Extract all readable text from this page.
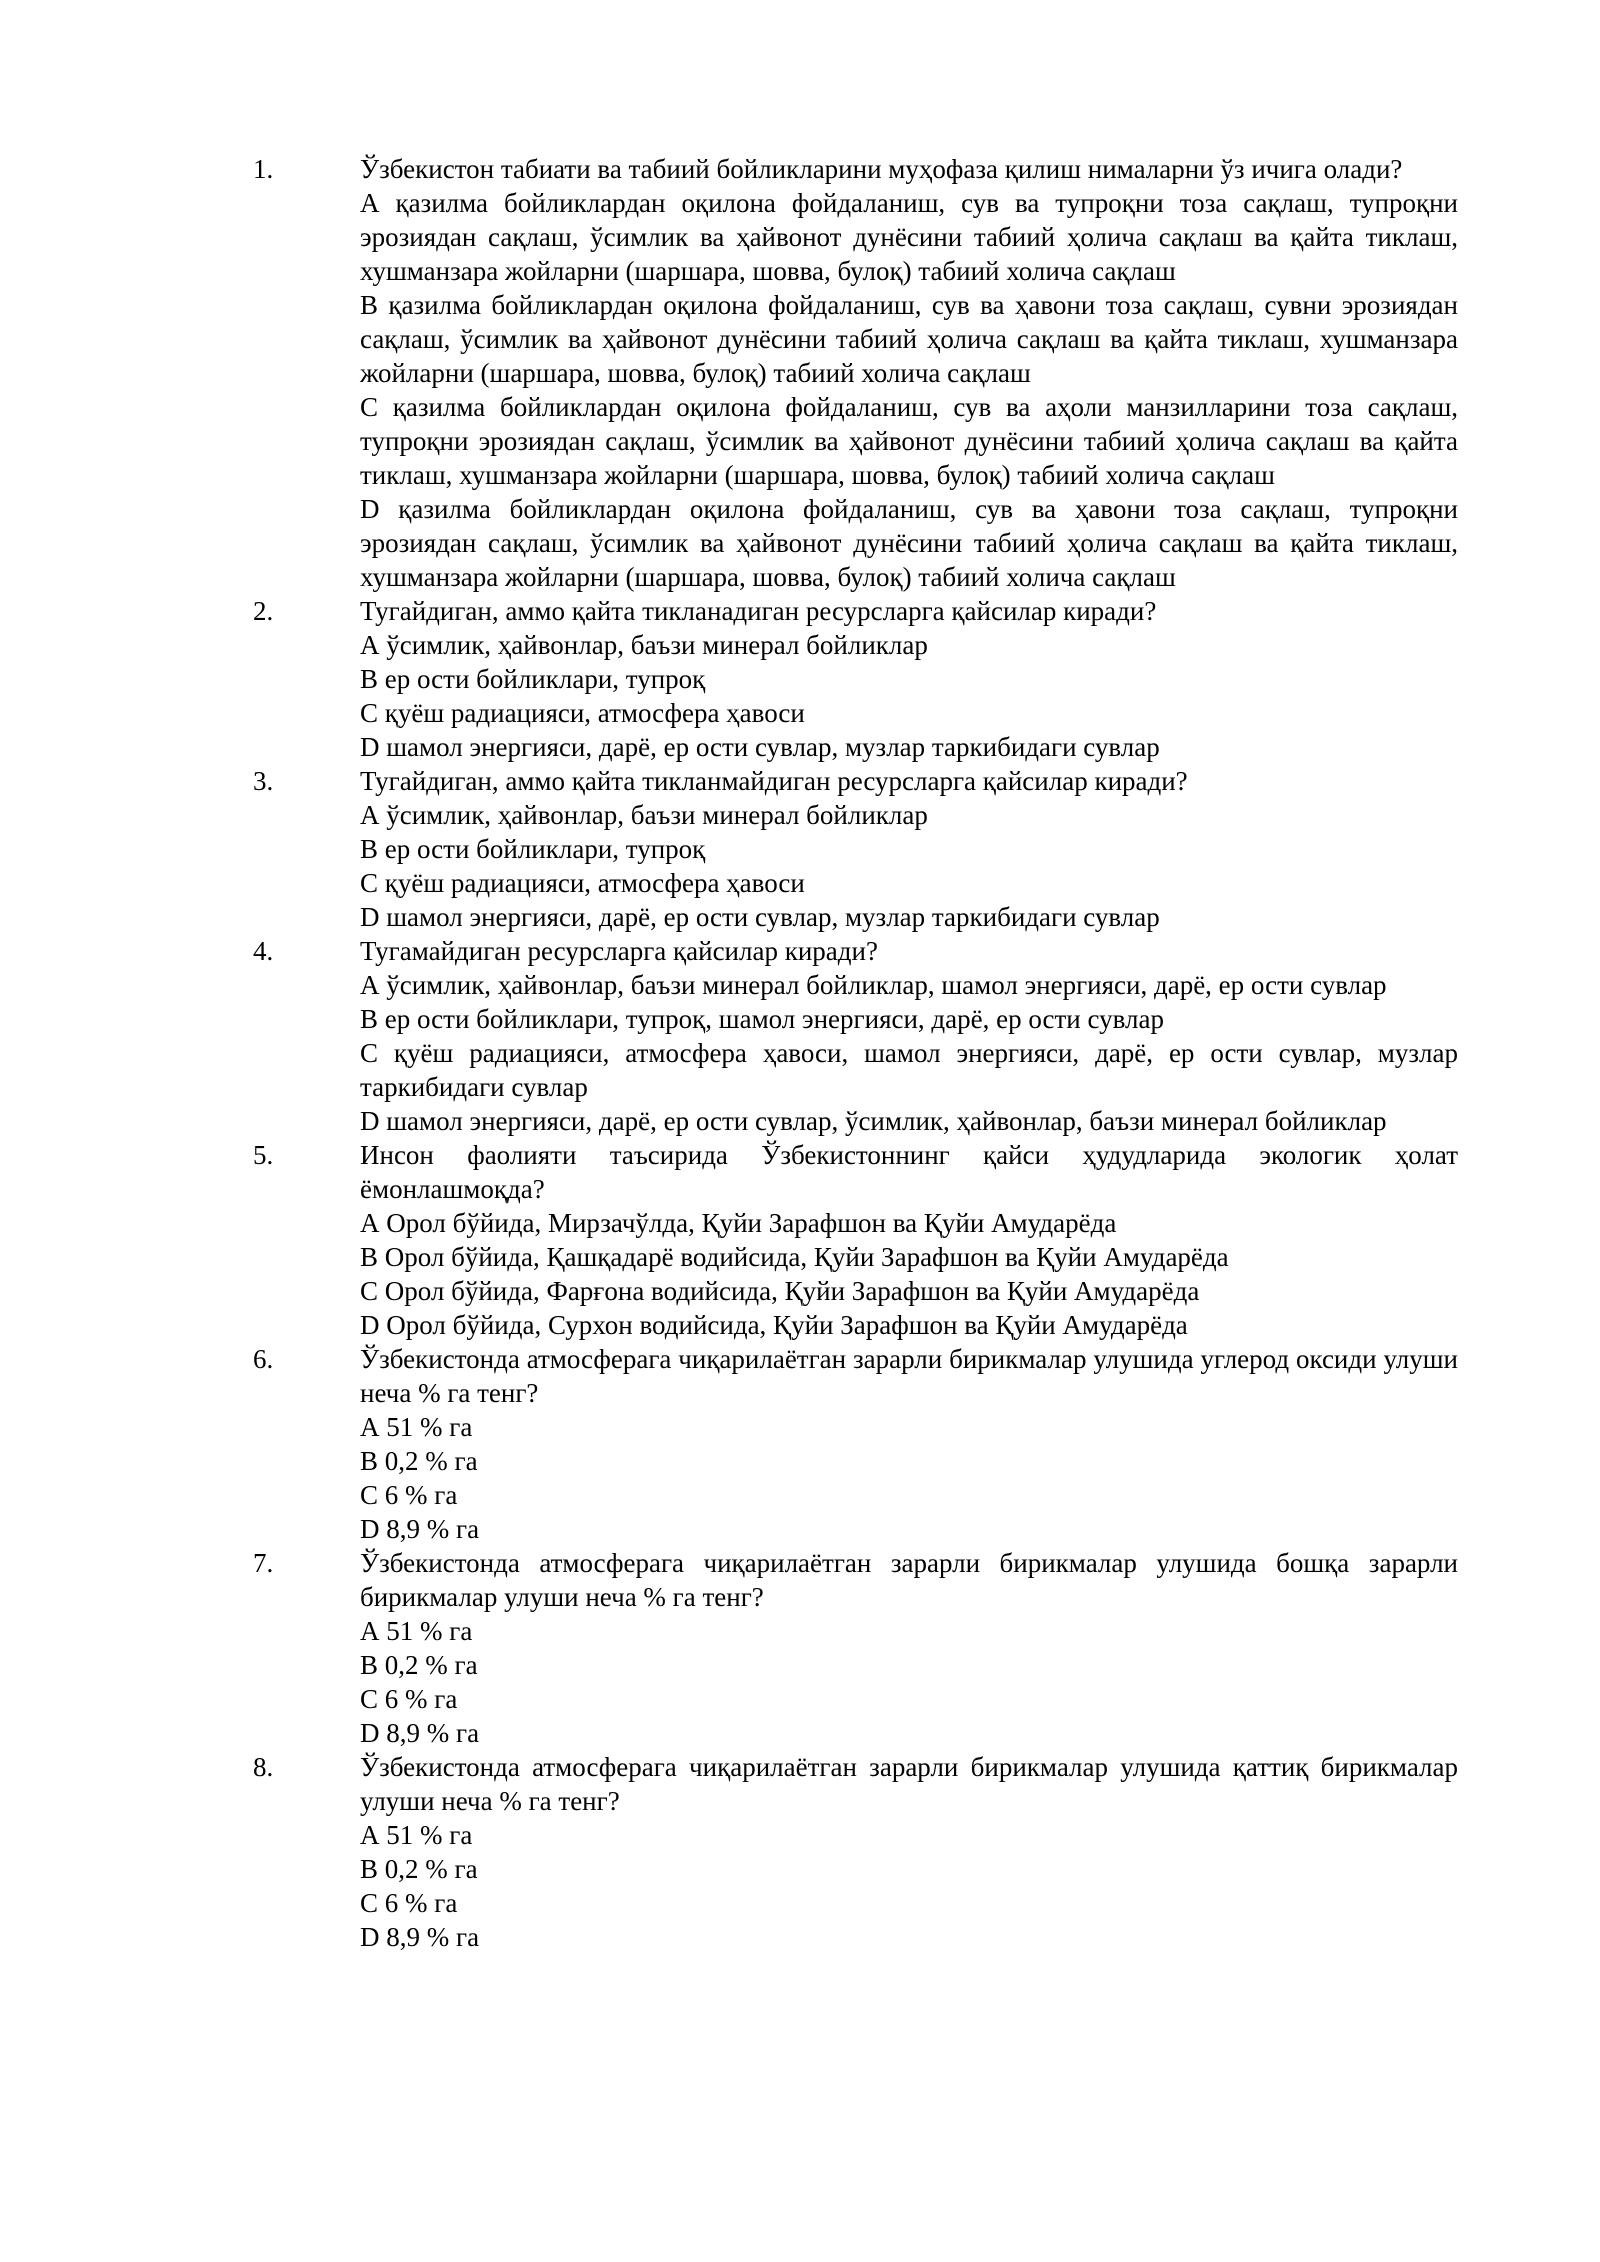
1.	Ўзбекистон табиати ва табиий бойликларини муҳофаза қилиш нималарни ўз ичига олади?

А қазилма бойликлардан оқилона фойдаланиш, сув ва тупроқни тоза сақлаш, тупроқни эрозиядан сақлаш, ўсимлик ва ҳайвонот дунёсини табиий ҳолича сақлаш ва қайта тиклаш, хушманзара жойларни (шаршара, шовва, булоқ) табиий холича сақлаш

В қазилма бойликлардан оқилона фойдаланиш, сув ва ҳавони тоза сақлаш, сувни эрозиядан сақлаш, ўсимлик ва ҳайвонот дунёсини табиий ҳолича сақлаш ва қайта тиклаш, хушманзара жойларни (шаршара, шовва, булоқ) табиий холича сақлаш

С қазилма бойликлардан оқилона фойдаланиш, сув ва аҳоли манзилларини тоза сақлаш, тупроқни эрозиядан сақлаш, ўсимлик ва ҳайвонот дунёсини табиий ҳолича сақлаш ва қайта тиклаш, хушманзара жойларни (шаршара, шовва, булоқ) табиий холича сақлаш

D қазилма бойликлардан оқилона фойдаланиш, сув ва ҳавони тоза сақлаш, тупроқни эрозиядан сақлаш, ўсимлик ва ҳайвонот дунёсини табиий ҳолича сақлаш ва қайта тиклаш, хушманзара жойларни (шаршара, шовва, булоқ) табиий холича сақлаш

2.	Тугайдиган, аммо қайта тикланадиган ресурсларга қайсилар киради?

А ўсимлик, ҳайвонлар, баъзи минерал бойликлар

В ер ости бойликлари, тупроқ

С қуёш радиацияси, атмосфера ҳавоси

D шамол энергияси, дарё, ер ости сувлар, музлар таркибидаги сувлар

3.	Тугайдиган, аммо қайта тикланмайдиган ресурсларга қайсилар киради?

А ўсимлик, ҳайвонлар, баъзи минерал бойликлар

В ер ости бойликлари, тупроқ

С қуёш радиацияси, атмосфера ҳавоси

D шамол энергияси, дарё, ер ости сувлар, музлар таркибидаги сувлар

4.	Тугамайдиган ресурсларга қайсилар киради?

А ўсимлик, ҳайвонлар, баъзи минерал бойликлар, шамол энергияси, дарё, ер ости сувлар

В ер ости бойликлари, тупроқ, шамол энергияси, дарё, ер ости сувлар

С қуёш радиацияси, атмосфера ҳавоси, шамол энергияси, дарё, ер ости сувлар, музлар таркибидаги сувлар

D шамол энергияси, дарё, ер ости сувлар, ўсимлик, ҳайвонлар, баъзи минерал бойликлар

5.	Инсон фаолияти таъсирида Ўзбекистоннинг қайси ҳудудларида экологик ҳолат ёмонлашмоқда?

А Орол бўйида, Мирзачўлда, Қуйи Зарафшон ва Қуйи Амударёда

В Орол бўйида, Қашқадарё водийсида, Қуйи Зарафшон ва Қуйи Амударёда

С Орол бўйида, Фарғона водийсида, Қуйи Зарафшон ва Қуйи Амударёда

D Орол бўйида, Сурхон водийсида, Қуйи Зарафшон ва Қуйи Амударёда

6.	Ўзбекистонда атмосферага чиқарилаётган зарарли бирикмалар улушида углерод оксиди улуши неча % га тенг?

А 51 % га

В 0,2 % га

С 6 % га

D 8,9 % га

7.	Ўзбекистонда атмосферага чиқарилаётган зарарли бирикмалар улушида бошқа зарарли бирикмалар улуши неча % га тенг?

А 51 % га

В 0,2 % га

С 6 % га

D 8,9 % га

8.	Ўзбекистонда атмосферага чиқарилаётган зарарли бирикмалар улушида қаттиқ бирикмалар улуши неча % га тенг?

А 51 % га

В 0,2 % га

С 6 % га

D 8,9 % га
